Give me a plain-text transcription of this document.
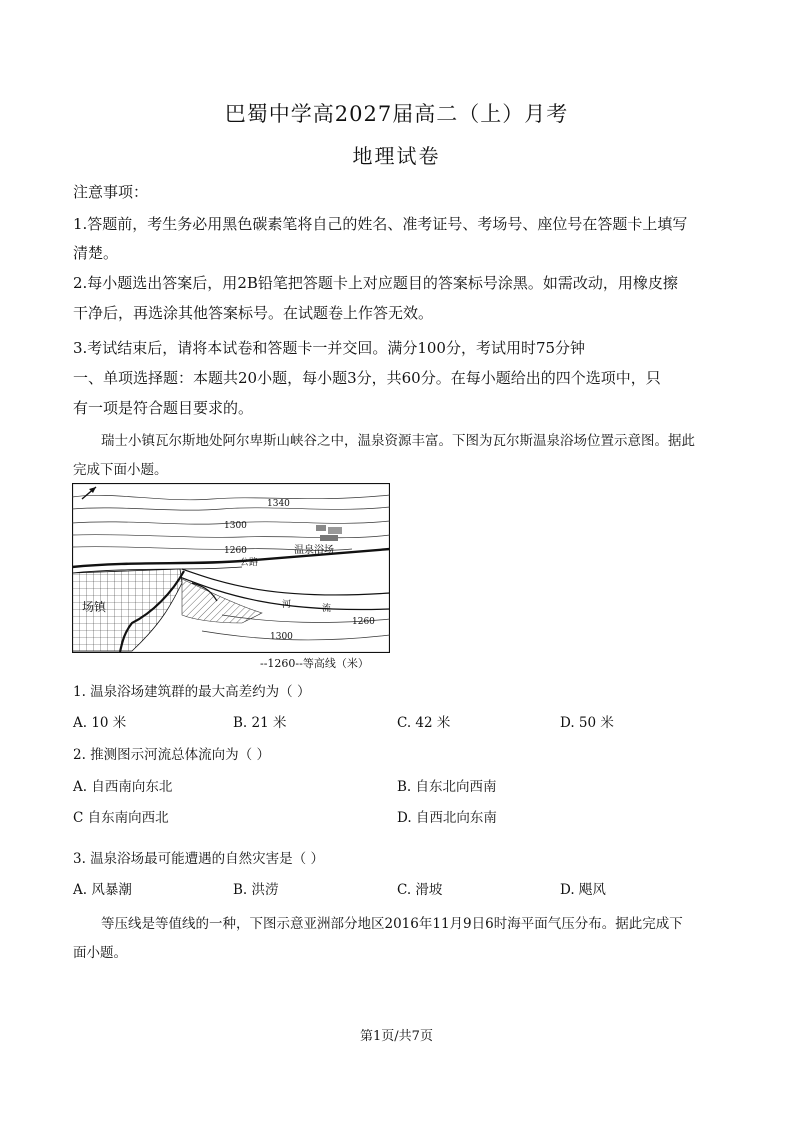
巴蜀中学高2027届高二（上）月考
地理试卷
注意事项：
1.答题前，考生务必用黑色碳素笔将自己的姓名、准考证号、考场号、座位号在答题卡上填写
清楚。
2.每小题选出答案后，用2B铅笔把答题卡上对应题目的答案标号涂黑。如需改动，用橡皮擦
干净后，再选涂其他答案标号。在试题卷上作答无效。
3.考试结束后，请将本试卷和答题卡一并交回。满分100分，考试用时75分钟
一、单项选择题：本题共20小题，每小题3分，共60分。在每小题给出的四个选项中，只
有一项是符合题目要求的。
瑞士小镇瓦尔斯地处阿尔卑斯山峡谷之中，温泉资源丰富。下图为瓦尔斯温泉浴场位置示意图。据此
完成下面小题。
1340
1300
1260	温泉浴场
公路
场镇	河	流
1260
1300
--1260--等高线（米）
1. 温泉浴场建筑群的最大高差约为（ ）
A. 10 米	B. 21 米	C. 42 米	D. 50 米
2. 推测图示河流总体流向为（ ）
A. 自西南向东北	B. 自东北向西南
C 自东南向西北	D. 自西北向东南
3. 温泉浴场最可能遭遇的自然灾害是（ ）
A. 风暴潮	B. 洪涝	C. 滑坡	D. 飓风
等压线是等值线的一种，下图示意亚洲部分地区2016年11月9日6时海平面气压分布。据此完成下
面小题。
第1页/共7页
